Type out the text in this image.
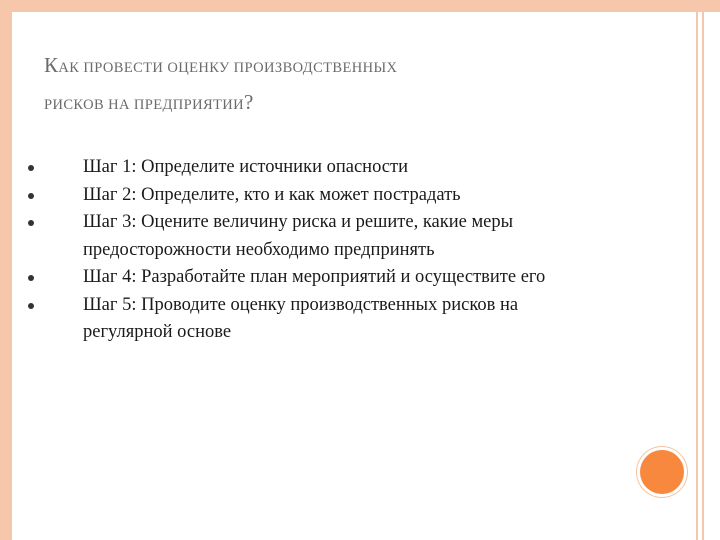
КАК ПРОВЕСТИ ОЦЕНКУ ПРОИЗВОДСТВЕННЫХ
РИСКОВ НА ПРЕДПРИЯТИИ?
Шаг 1: Определите источники опасности
Шаг 2: Определите, кто и как может пострадать
Шаг 3: Оцените величину риска и решите, какие меры предосторожности необходимо предпринять
Шаг 4: Разработайте план мероприятий и осуществите его
Шаг 5: Проводите оценку производственных рисков на регулярной основе
